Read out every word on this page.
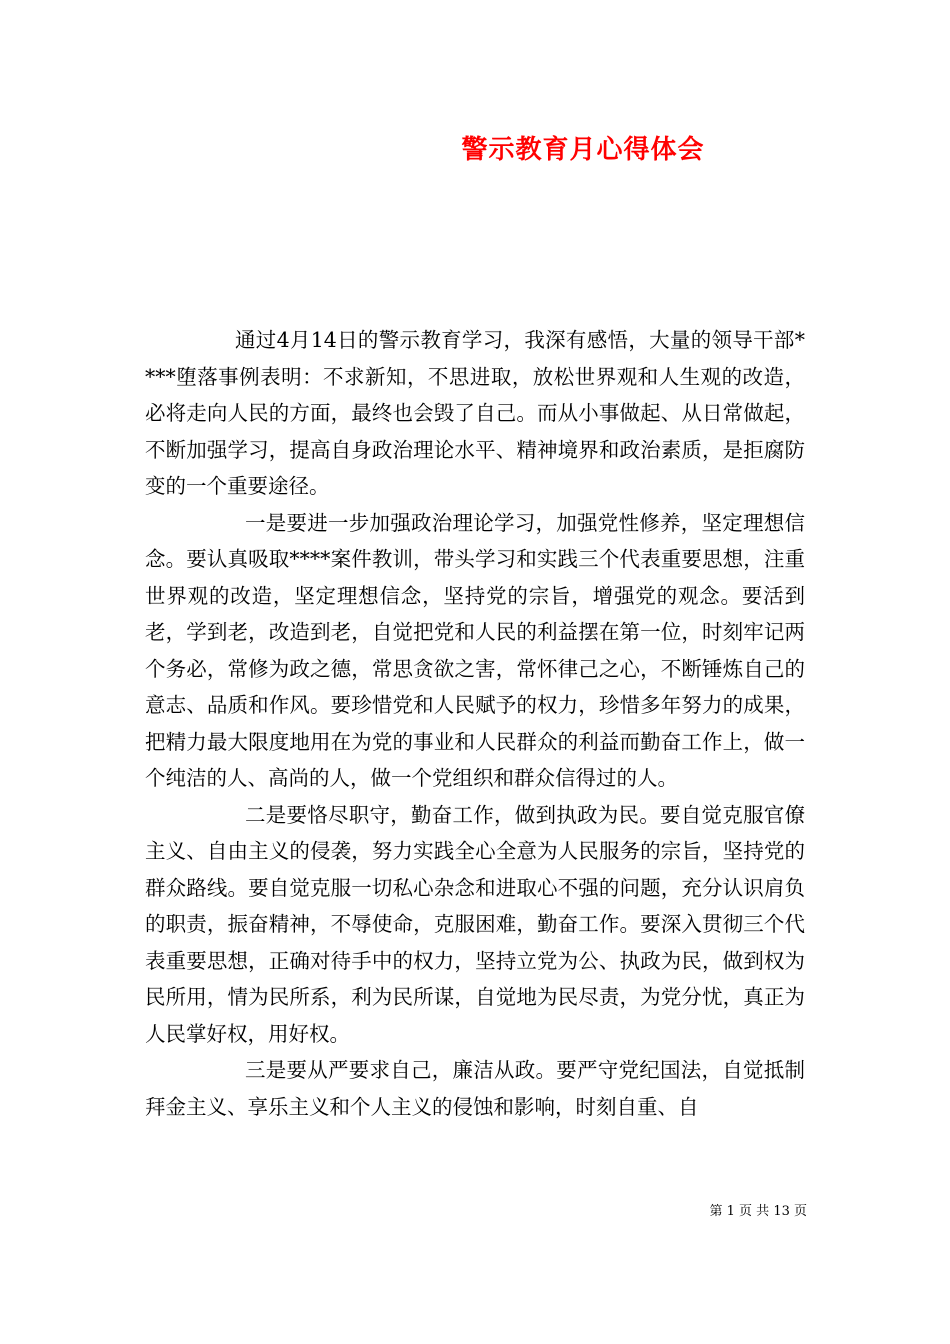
警示教育月心得体会

通过4月14日的警示教育学习，我深有感悟，大量的领导干部****堕落事例表明：不求新知，不思进取，放松世界观和人生观的改造，必将走向人民的方面，最终也会毁了自己。而从小事做起、从日常做起，不断加强学习，提高自身政治理论水平、精神境界和政治素质，是拒腐防变的一个重要途径。

一是要进一步加强政治理论学习，加强党性修养，坚定理想信念。要认真吸取****案件教训，带头学习和实践三个代表重要思想，注重世界观的改造，坚定理想信念，坚持党的宗旨，增强党的观念。要活到老，学到老，改造到老，自觉把党和人民的利益摆在第一位，时刻牢记两个务必，常修为政之德，常思贪欲之害，常怀律己之心，不断锤炼自己的意志、品质和作风。要珍惜党和人民赋予的权力，珍惜多年努力的成果，把精力最大限度地用在为党的事业和人民群众的利益而勤奋工作上，做一个纯洁的人、高尚的人，做一个党组织和群众信得过的人。

二是要恪尽职守，勤奋工作，做到执政为民。要自觉克服官僚主义、自由主义的侵袭，努力实践全心全意为人民服务的宗旨，坚持党的群众路线。要自觉克服一切私心杂念和进取心不强的问题，充分认识肩负的职责，振奋精神，不辱使命，克服困难，勤奋工作。要深入贯彻三个代表重要思想，正确对待手中的权力，坚持立党为公、执政为民，做到权为民所用，情为民所系，利为民所谋，自觉地为民尽责，为党分忧，真正为人民掌好权，用好权。

三是要从严要求自己，廉洁从政。要严守党纪国法，自觉抵制拜金主义、享乐主义和个人主义的侵蚀和影响，时刻自重、自

第 1 页 共 13 页
